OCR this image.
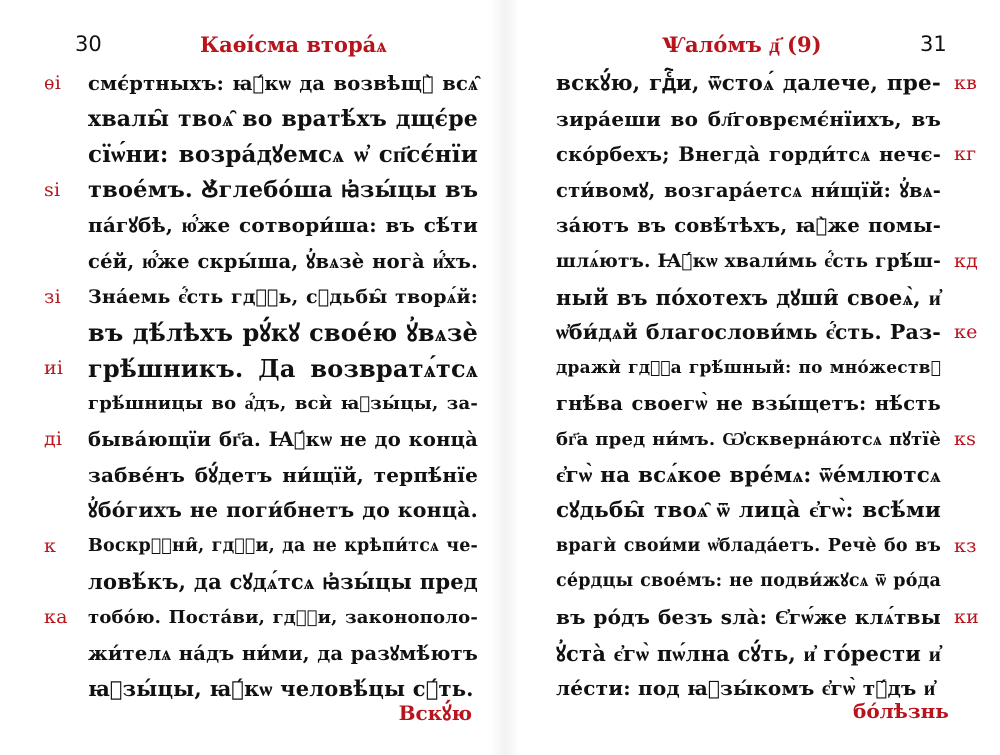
30	Каѳі́сма втора́ѧ
ѳі смє́ртныхъ: ꙗ҆́кѡ да возвѣщꙋ̀ всѧ̑
хвалы̑ твоѧ̑ во вратѣ́хъ дщє́ре
сїѡ́ни: возра́дꙋемсѧ ѡ҆ сп҃сє́нїи
ѕі твое́мъ. Ꙋ҆глебо́ша ꙗ҆зы́цы въ
па́гꙋбѣ, ю҆́же сотвори́ша: въ сѣ́ти
се́й, ю҆́же скры́ша, ꙋ҆вѧзѐ нога̀ и҆́хъ.
зі Зна́емь є҆́сть гдⷭ҇ь, сꙋдьбы̑ творѧ́й:
въ дѣ́лѣхъ рꙋ́кꙋ свое́ю ꙋ҆вѧзѐ
иі грѣ́шникъ. Да возвратѧ́тсѧ
грѣ́шницы во а҆́дъ, всѝ ꙗ҆зы́цы, за-
ді быва́ющїи бг҃а. Ꙗ҆́кѡ не до конца̀
забве́нъ бꙋ́детъ ни́щїй, терпѣ́нїе
ꙋ҆бо́гихъ не поги́бнетъ до конца̀.
к Воскрⷭ҇ни̑, гдⷭ҇и, да не крѣпи́тсѧ че-
ловѣ́къ, да сꙋдѧ́тсѧ ꙗ҆зы́цы пред
ка тобо́ю. Поста́ви, гдⷭ҇и, законополо-
жи́телѧ на́дъ ни́ми, да разꙋмѣ́ютъ
ꙗ҆зы́цы, ꙗ҆́кѡ человѣ́цы сꙋ́ть.
Вскꙋ́ю
Ѱало́мъ д҃ (9)	31
кв
вскꙋ́ю, гдⷭ҇и, ѿстоѧ́ далече, пре-
зира́еши во бл҃говрємє́нїихъ, въ
кг
ско́рбехъ; Внегда̀ горди́тсѧ нечє-
сти́вомꙋ, возгара́етсѧ ни́щїй: ꙋ҆вѧ-
за́ютъ въ совѣ́тѣхъ, ꙗ҆̀же помы-
кд
шлѧ́ютъ. Ꙗ҆́кѡ хвали́мь є҆́сть грѣ́ш-
ный въ по́хотехъ дꙋши̑ своеѧ̀, и҆
ке
ѡ҆би́дѧй благослови́мь є҆́сть. Раз-
дражѝ гдⷭ҇а грѣ́шный: по мно́жествꙋ
гнѣ́ва своегѡ̀ не взы́щетъ: нѣ́сть
кѕ
бг҃а пред ни́мъ. Ѡ҆скверна́ютсѧ пꙋтїѐ
є҆гѡ̀ на всѧ́кое вре́мѧ: ѿе́млютсѧ
сꙋдьбы̑ твоѧ̑ ѿ лица̀ є҆гѡ̀: всѣ́ми
кз
врагѝ свои́ми ѡ҆блада́етъ. Речѐ бо въ
се́рдцы свое́мъ: не подви́жꙋсѧ ѿ ро́да
ки
въ ро́дъ безъ ѕла̀: Є҆гѡ́же клѧ́твы
ꙋ҆ста̀ є҆гѡ̀ пѡ́лна сꙋ́ть, и҆ го́рести и҆
ле́сти: под ꙗ҆зы́комъ є҆гѡ̀ тꙋ́дъ и҆
бо́лѣзнь
